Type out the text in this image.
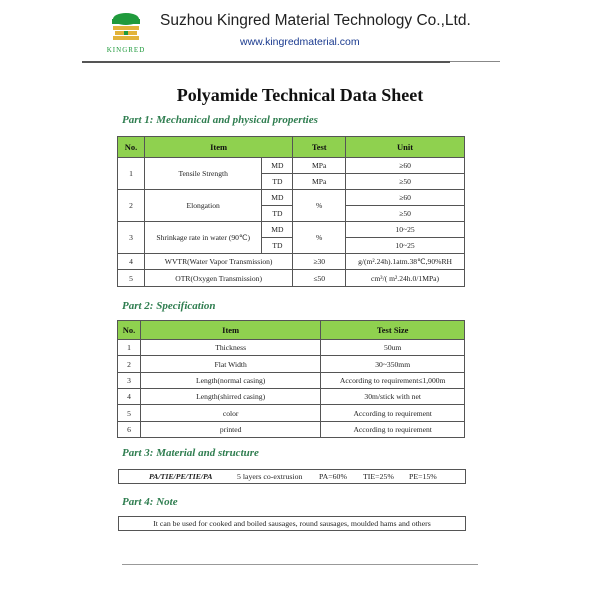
KINGRED
Suzhou Kingred Material Technology Co.,Ltd.
www.kingredmaterial.com
Polyamide Technical Data Sheet
Part 1: Mechanical and physical properties
No.	Item		Test	Unit
1	Tensile Strength	MD	MPa	≥60
		TD	MPa	≥50
2	Elongation	MD	%	≥60
		TD		≥50
3	Shrinkage rate in water (90℃)	MD	%	10~25
		TD		10~25
4	WVTR(Water Vapor Transmission)		≥30	g/(m².24h).1atm.38℃,90%RH
5	OTR(Oxygen Transmission)		≤50	cm³/( m².24h.0/1MPa)
Part 2: Specification
No.	Item	Test Size
1	Thickness	50um
2	Flat Width	30~350mm
3	Length(normal casing)	According to requirement≤1,000m
4	Length(shirred casing)	30m/stick with net
5	color	According to requirement
6	printed	According to requirement
Part 3: Material and structure
PA/TIE/PE/TIE/PA	5 layers co-extrusion PA=60% TIE=25% PE=15%
Part 4: Note
It can be used for cooked and boiled sausages, round sausages, moulded hams and others
